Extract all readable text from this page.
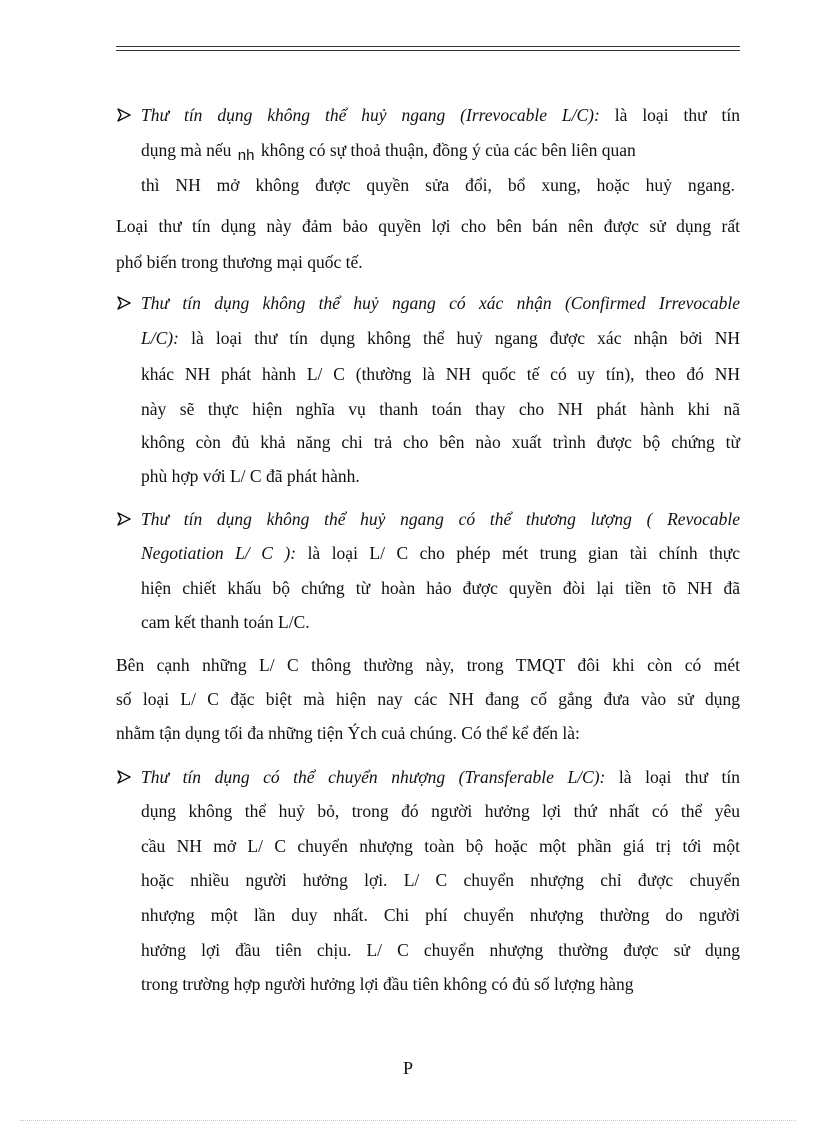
Thư tín dụng không thể huỷ ngang (Irrevocable L/C): là loại thư tín
dụng mà nếu nh không có sự thoả thuận, đồng ý của các bên liên quan
thì NH mở không được quyền sửa đổi, bổ xung, hoặc huỷ ngang.
Loại thư tín dụng này đảm bảo quyền lợi cho bên bán nên được sử dụng rất
phổ biến trong thương mại quốc tế.
Thư tín dụng không thể huỷ ngang có xác nhận (Confirmed Irrevocable
L/C): là loại thư tín dụng không thể huỷ ngang được xác nhận bởi NH
khác NH phát hành L/ C (thường là NH quốc tế có uy tín), theo đó NH
này sẽ thực hiện nghĩa vụ thanh toán thay cho NH phát hành khi nã
không còn đủ khả năng chi trả cho bên nào xuất trình được bộ chứng từ
phù hợp với L/ C đã phát hành.
Thư tín dụng không thể huỷ ngang có thể thương lượng ( Revocable
Negotiation L/ C ): là loại L/ C cho phép mét trung gian tài chính thực
hiện chiết khấu bộ chứng từ hoàn hảo được quyền đòi lại tiền tõ NH đã
cam kết thanh toán L/C.
Bên cạnh những L/ C thông thường này, trong TMQT đôi khi còn có mét
số loại L/ C đặc biệt mà hiện nay các NH đang cố gắng đưa vào sử dụng
nhằm tận dụng tối đa những tiện Ých cuả chúng. Có thể kể đến là:
Thư tín dụng có thể chuyển nhượng (Transferable L/C): là loại thư tín
dụng không thể huỷ bỏ, trong đó người hưởng lợi thứ nhất có thể yêu
cầu NH mở L/ C chuyển nhượng toàn bộ hoặc một phần giá trị tới một
hoặc nhiều người hưởng lợi. L/ C chuyển nhượng chỉ được chuyển
nhượng một lần duy nhất. Chi phí chuyển nhượng thường do người
hưởng lợi đầu tiên chịu. L/ C chuyển nhượng thường được sử dụng
trong trường hợp người hưởng lợi đầu tiên không có đủ số lượng hàng
P
